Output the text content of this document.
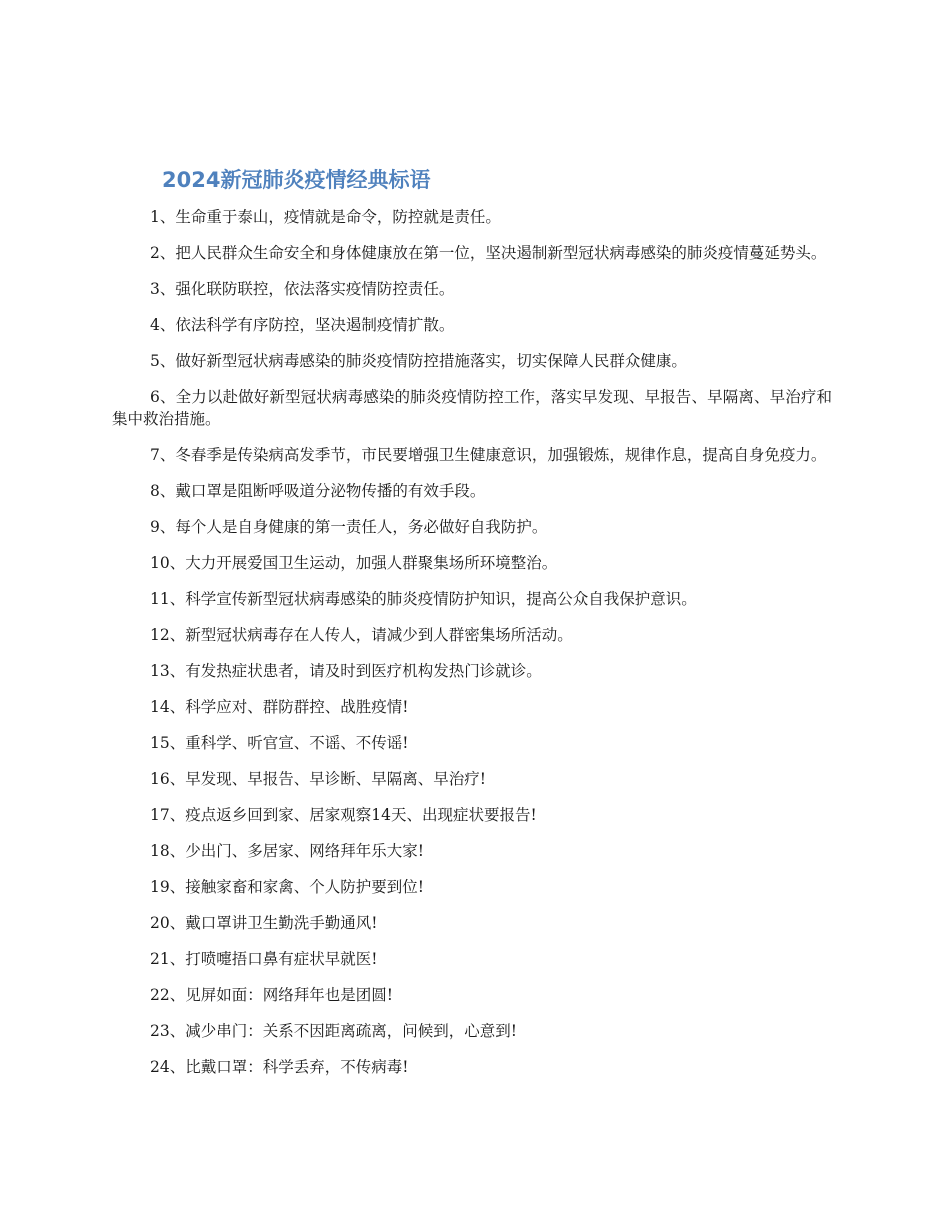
2024新冠肺炎疫情经典标语

1、生命重于泰山，疫情就是命令，防控就是责任。

2、把人民群众生命安全和身体健康放在第一位，坚决遏制新型冠状病毒感染的肺炎疫情蔓延势头。

3、强化联防联控，依法落实疫情防控责任。

4、依法科学有序防控，坚决遏制疫情扩散。

5、做好新型冠状病毒感染的肺炎疫情防控措施落实，切实保障人民群众健康。

6、全力以赴做好新型冠状病毒感染的肺炎疫情防控工作，落实早发现、早报告、早隔离、早治疗和集中救治措施。

7、冬春季是传染病高发季节，市民要增强卫生健康意识，加强锻炼，规律作息，提高自身免疫力。

8、戴口罩是阻断呼吸道分泌物传播的有效手段。

9、每个人是自身健康的第一责任人，务必做好自我防护。

10、大力开展爱国卫生运动，加强人群聚集场所环境整治。

11、科学宣传新型冠状病毒感染的肺炎疫情防护知识，提高公众自我保护意识。

12、新型冠状病毒存在人传人，请减少到人群密集场所活动。

13、有发热症状患者，请及时到医疗机构发热门诊就诊。

14、科学应对、群防群控、战胜疫情!

15、重科学、听官宣、不谣、不传谣!

16、早发现、早报告、早诊断、早隔离、早治疗!

17、疫点返乡回到家、居家观察14天、出现症状要报告!

18、少出门、多居家、网络拜年乐大家!

19、接触家畜和家禽、个人防护要到位!

20、戴口罩讲卫生勤洗手勤通风!

21、打喷嚏捂口鼻有症状早就医!

22、见屏如面：网络拜年也是团圆!

23、减少串门：关系不因距离疏离，问候到，心意到!

24、比戴口罩：科学丢弃，不传病毒!
